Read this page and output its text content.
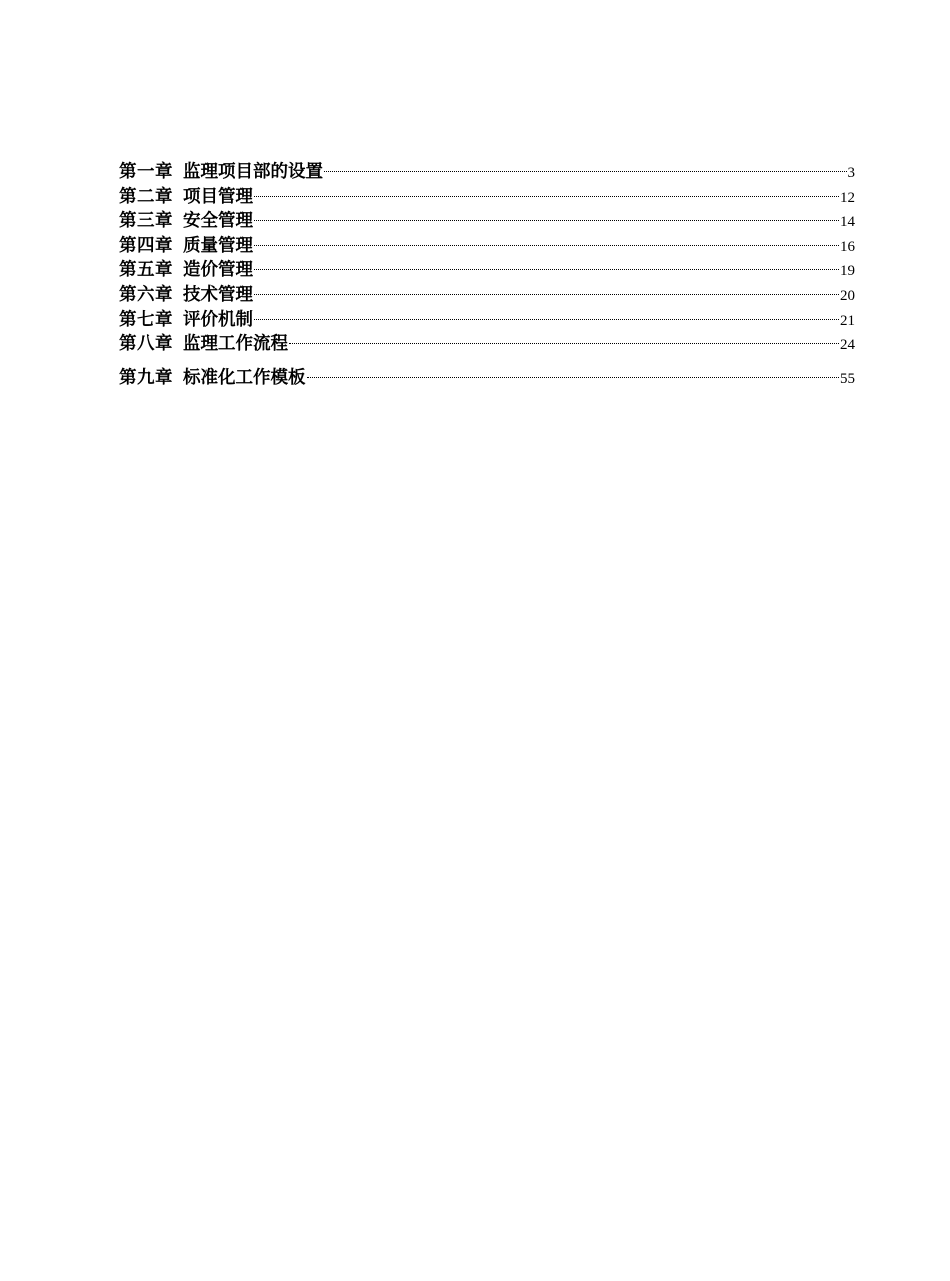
第一章 监理项目部的设置	3
第二章 项目管理	12
第三章 安全管理	14
第四章 质量管理	16
第五章 造价管理	19
第六章 技术管理	20
第七章 评价机制	21
第八章 监理工作流程	24
第九章 标准化工作模板	55
